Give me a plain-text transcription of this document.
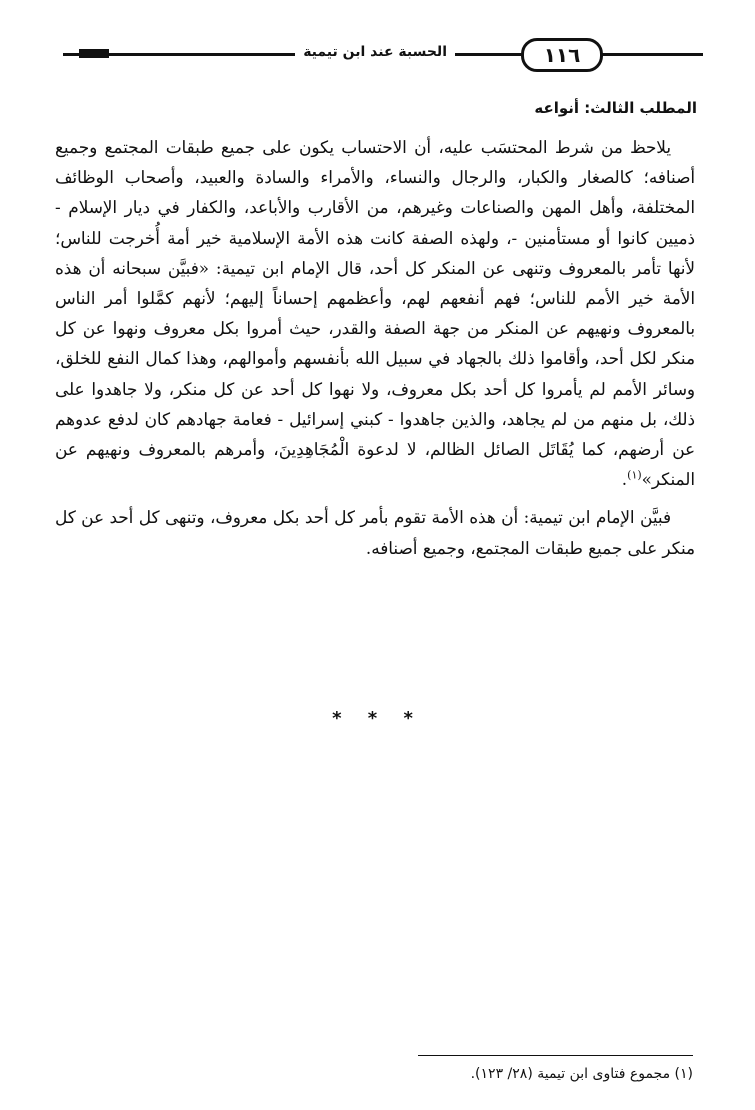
١١٦
الحسبة عند ابن تيمية
المطلب الثالث: أنواعه

يلاحظ من شرط المحتسَب عليه، أن الاحتساب يكون على جميع طبقات المجتمع وجميع أصنافه؛ كالصغار والكبار، والرجال والنساء، والأمراء والسادة والعبيد، وأصحاب الوظائف المختلفة، وأهل المهن والصناعات وغيرهم، من الأقارب والأباعد، والكفار في ديار الإسلام - ذميين كانوا أو مستأمنين -، ولهذه الصفة كانت هذه الأمة الإسلامية خير أمة أُخرجت للناس؛ لأنها تأمر بالمعروف وتنهى عن المنكر كل أحد، قال الإمام ابن تيمية: «فبيَّن سبحانه أن هذه الأمة خير الأمم للناس؛ فهم أنفعهم لهم، وأعظمهم إحساناً إليهم؛ لأنهم كمَّلوا أمر الناس بالمعروف ونهيهم عن المنكر من جهة الصفة والقدر، حيث أمروا بكل معروف ونهوا عن كل منكر لكل أحد، وأقاموا ذلك بالجهاد في سبيل الله بأنفسهم وأموالهم، وهذا كمال النفع للخلق، وسائر الأمم لم يأمروا كل أحد بكل معروف، ولا نهوا كل أحد عن كل منكر، ولا جاهدوا على ذلك، بل منهم من لم يجاهد، والذين جاهدوا - كبني إسرائيل - فعامة جهادهم كان لدفع عدوهم عن أرضهم، كما يُقَاتَل الصائل الظالم، لا لدعوة الْمُجَاهِدِينَ، وأمرهم بالمعروف ونهيهم عن المنكر»$^{(١)}$.

فبيَّن الإمام ابن تيمية: أن هذه الأمة تقوم بأمر كل أحد بكل معروف، وتنهى كل أحد عن كل منكر على جميع طبقات المجتمع، وجميع أصنافه.

* * *
(١) مجموع فتاوى ابن تيمية (٢٨/ ١٢٣).
